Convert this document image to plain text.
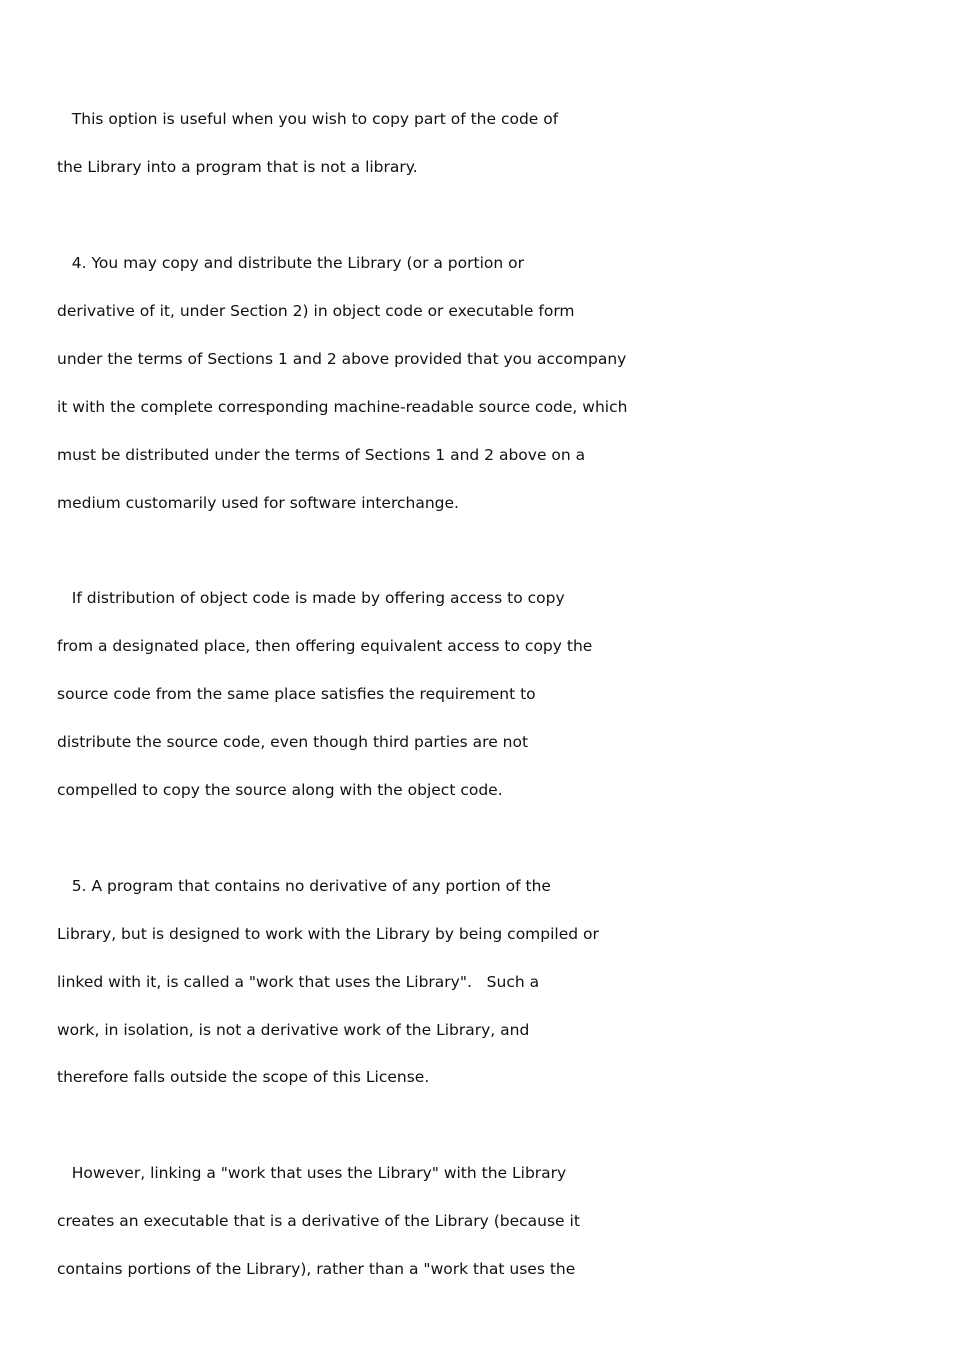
This option is useful when you wish to copy part of the code of
the Library into a program that is not a library.
4. You may copy and distribute the Library (or a portion or
derivative of it, under Section 2) in object code or executable form
under the terms of Sections 1 and 2 above provided that you accompany
it with the complete corresponding machine-readable source code, which
must be distributed under the terms of Sections 1 and 2 above on a
medium customarily used for software interchange.
If distribution of object code is made by offering access to copy
from a designated place, then offering equivalent access to copy the
source code from the same place satisfies the requirement to
distribute the source code, even though third parties are not
compelled to copy the source along with the object code.
5. A program that contains no derivative of any portion of the
Library, but is designed to work with the Library by being compiled or
linked with it, is called a "work that uses the Library".   Such a
work, in isolation, is not a derivative work of the Library, and
therefore falls outside the scope of this License.
However, linking a "work that uses the Library" with the Library
creates an executable that is a derivative of the Library (because it
contains portions of the Library), rather than a "work that uses the
